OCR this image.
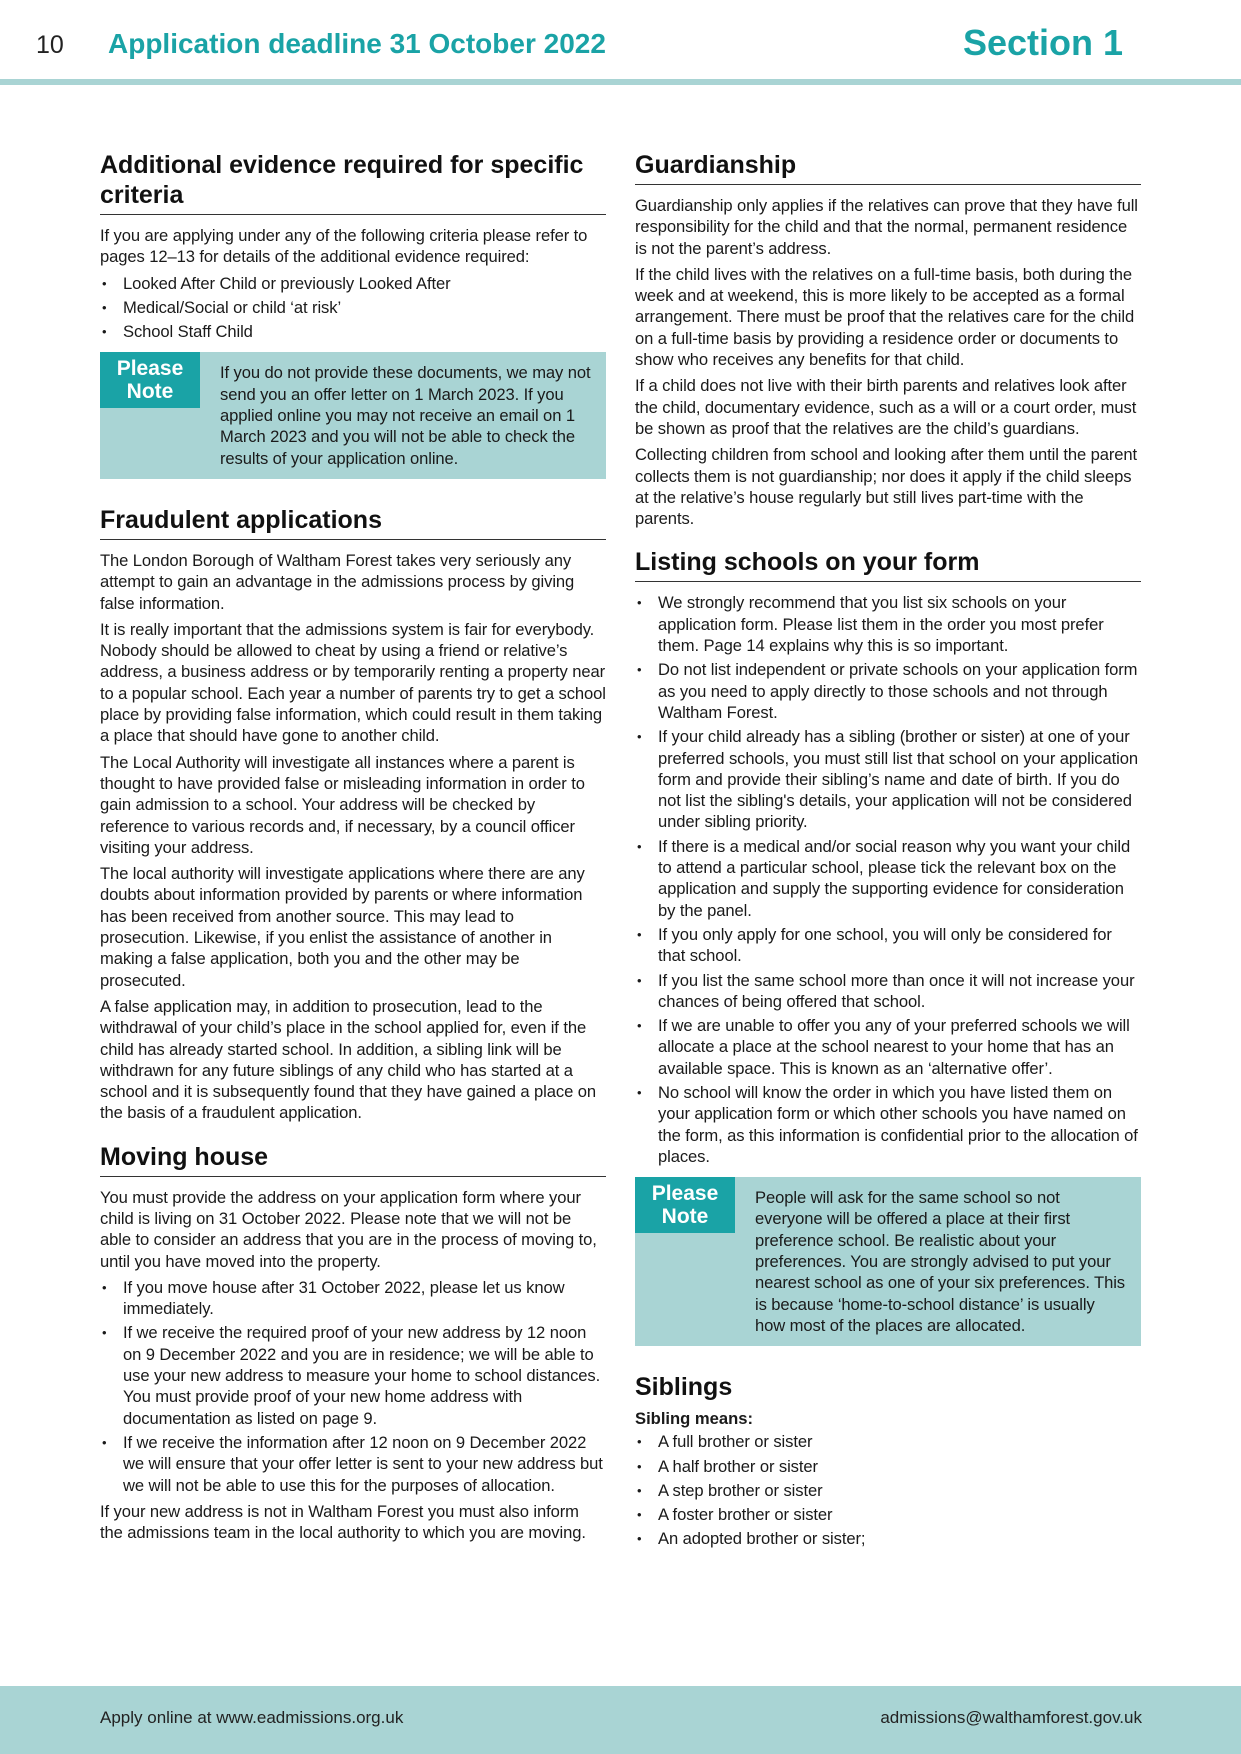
10 Application deadline 31 October 2022	Section 1
Additional evidence required for specific criteria

If you are applying under any of the following criteria please refer to pages 12–13 for details of the additional evidence required:

• Looked After Child or previously Looked After
• Medical/Social or child ‘at risk’
• School Staff Child
Please
Note

If you do not provide these documents, we may not send you an offer letter on 1 March 2023. If you applied online you may not receive an email on 1 March 2023 and you will not be able to check the results of your application online.

Fraudulent applications

The London Borough of Waltham Forest takes very seriously any attempt to gain an advantage in the admissions process by giving false information.

It is really important that the admissions system is fair for everybody. Nobody should be allowed to cheat by using a friend or relative’s address, a business address or by temporarily renting a property near to a popular school. Each year a number of parents try to get a school place by providing false information, which could result in them taking a place that should have gone to another child.

The Local Authority will investigate all instances where a parent is thought to have provided false or misleading information in order to gain admission to a school. Your address will be checked by reference to various records and, if necessary, by a council officer visiting your address.

The local authority will investigate applications where there are any doubts about information provided by parents or where information has been received from another source. This may lead to prosecution. Likewise, if you enlist the assistance of another in making a false application, both you and the other may be prosecuted.

A false application may, in addition to prosecution, lead to the withdrawal of your child’s place in the school applied for, even if the child has already started school. In addition, a sibling link will be withdrawn for any future siblings of any child who has started at a school and it is subsequently found that they have gained a place on the basis of a fraudulent application.

Moving house

You must provide the address on your application form where your child is living on 31 October 2022. Please note that we will not be able to consider an address that you are in the process of moving to, until you have moved into the property.

• If you move house after 31 October 2022, please let us know immediately.
• If we receive the required proof of your new address by 12 noon on 9 December 2022 and you are in residence; we will be able to use your new address to measure your home to school distances. You must provide proof of your new home address with documentation as listed on page 9.
• If we receive the information after 12 noon on 9 December 2022 we will ensure that your offer letter is sent to your new address but we will not be able to use this for the purposes of allocation.

If your new address is not in Waltham Forest you must also inform the admissions team in the local authority to which you are moving.

Guardianship

Guardianship only applies if the relatives can prove that they have full responsibility for the child and that the normal, permanent residence is not the parent’s address.

If the child lives with the relatives on a full-time basis, both during the week and at weekend, this is more likely to be accepted as a formal arrangement. There must be proof that the relatives care for the child on a full-time basis by providing a residence order or documents to show who receives any benefits for that child.

If a child does not live with their birth parents and relatives look after the child, documentary evidence, such as a will or a court order, must be shown as proof that the relatives are the child’s guardians.

Collecting children from school and looking after them until the parent collects them is not guardianship; nor does it apply if the child sleeps at the relative’s house regularly but still lives part-time with the parents.

Listing schools on your form
• We strongly recommend that you list six schools on your application form. Please list them in the order you most prefer them. Page 14 explains why this is so important.
• Do not list independent or private schools on your application form as you need to apply directly to those schools and not through Waltham Forest.
• If your child already has a sibling (brother or sister) at one of your preferred schools, you must still list that school on your application form and provide their sibling’s name and date of birth. If you do not list the sibling's details, your application will not be considered under sibling priority.
• If there is a medical and/or social reason why you want your child to attend a particular school, please tick the relevant box on the application and supply the supporting evidence for consideration by the panel.
• If you only apply for one school, you will only be considered for that school.
• If you list the same school more than once it will not increase your chances of being offered that school.
• If we are unable to offer you any of your preferred schools we will allocate a place at the school nearest to your home that has an available space. This is known as an ‘alternative offer’.
• No school will know the order in which you have listed them on your application form or which other schools you have named on the form, as this information is confidential prior to the allocation of places.
Please
Note

People will ask for the same school so not everyone will be offered a place at their first preference school. Be realistic about your preferences. You are strongly advised to put your nearest school as one of your six preferences. This is because ‘home-to-school distance’ is usually how most of the places are allocated.

Siblings
Sibling means:
• A full brother or sister
• A half brother or sister
• A step brother or sister
• A foster brother or sister
• An adopted brother or sister;
Apply online at www.eadmissions.org.uk	admissions@walthamforest.gov.uk
